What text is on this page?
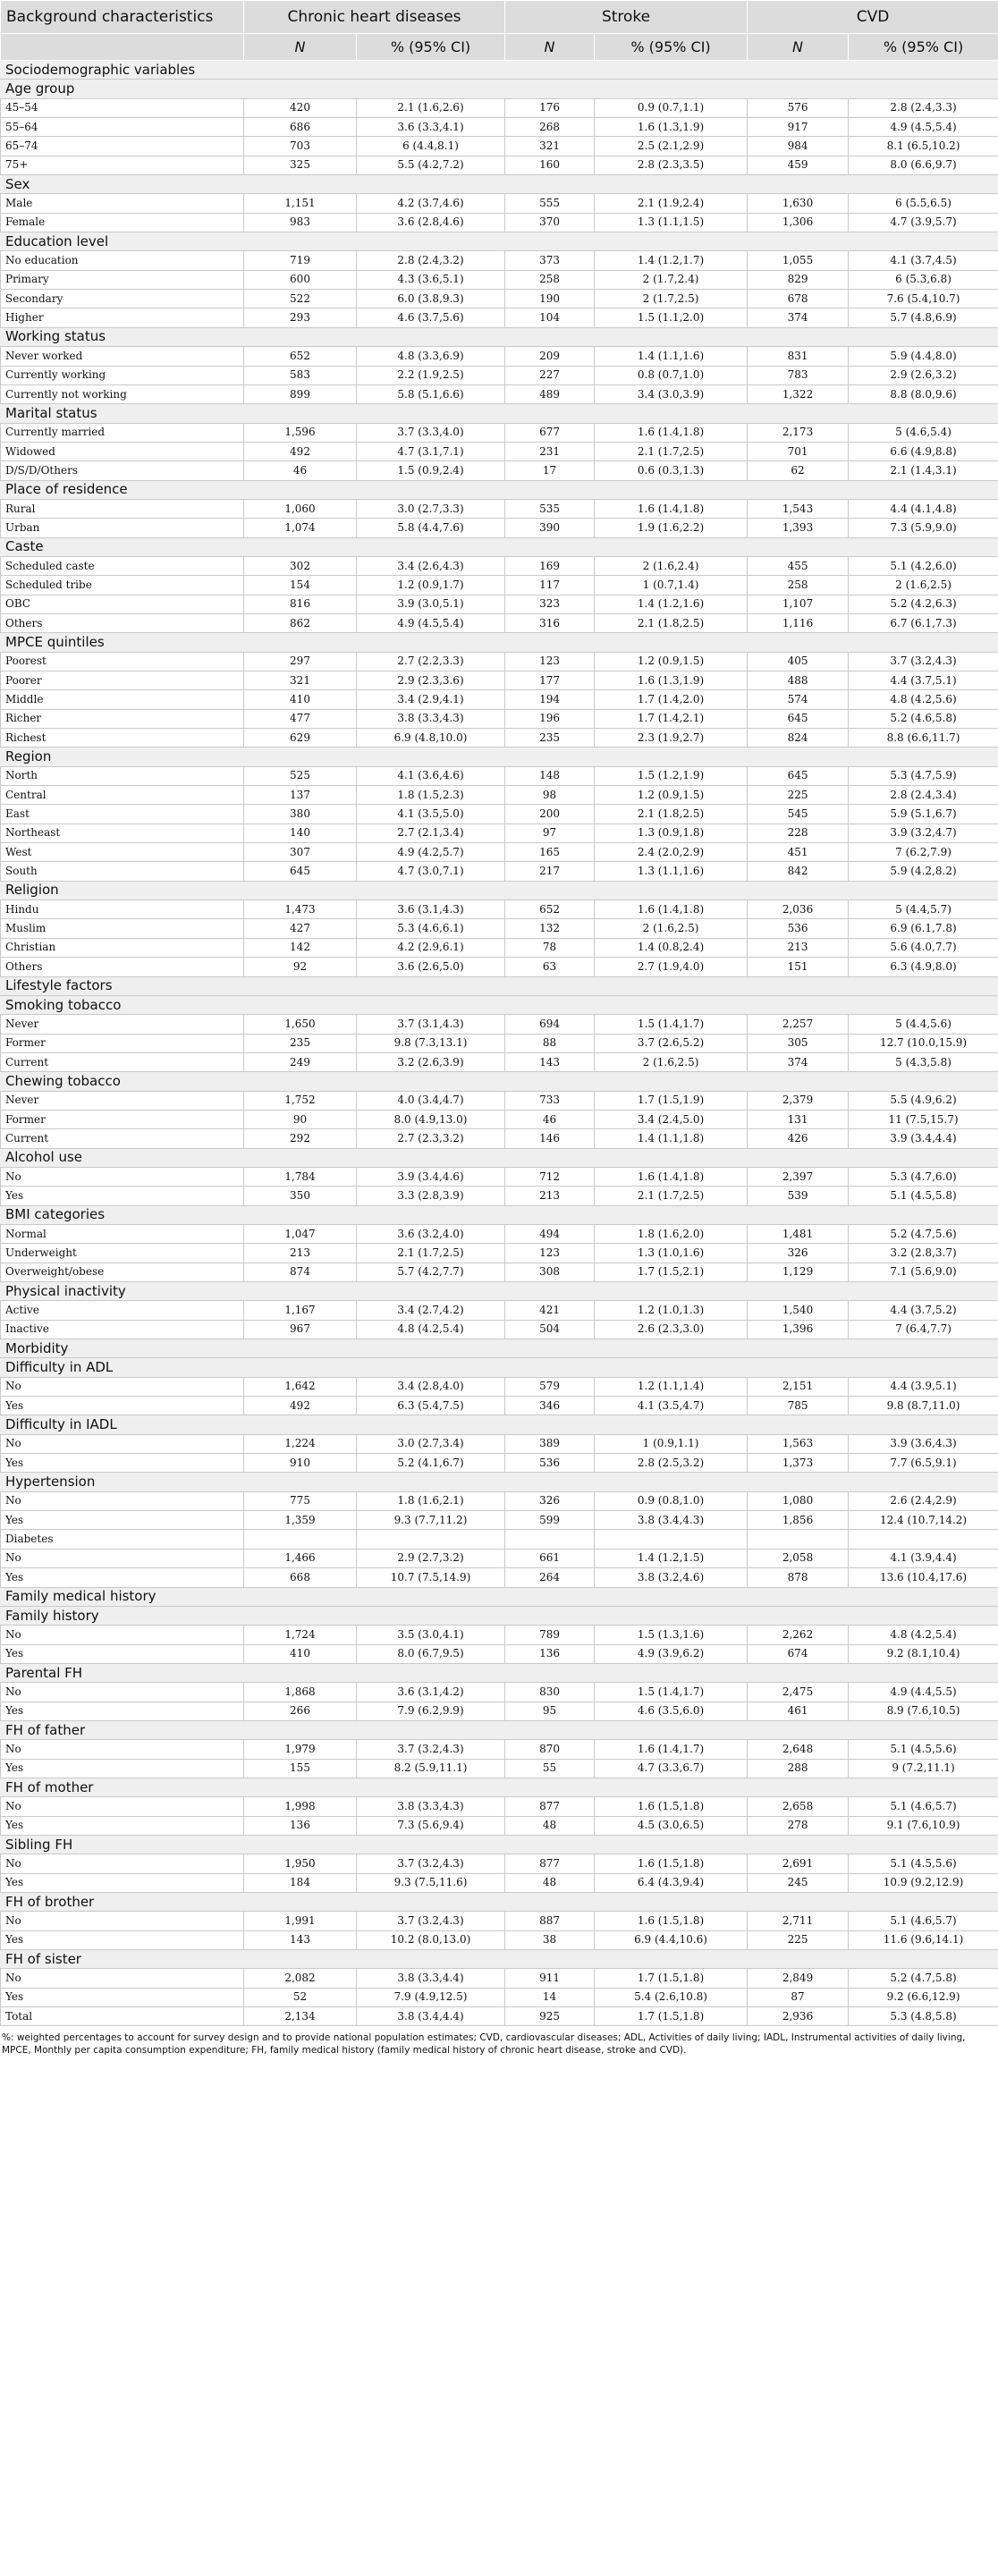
Background characteristics	Chronic heart diseases		Stroke		CVD	
	N	% (95% CI)	N	% (95% CI)	N	% (95% CI)
Sociodemographic variables						
Age group						
45–54	420	2.1 (1.6,2.6)	176	0.9 (0.7,1.1)	576	2.8 (2.4,3.3)
55–64	686	3.6 (3.3,4.1)	268	1.6 (1.3,1.9)	917	4.9 (4.5,5.4)
65–74	703	6 (4.4,8.1)	321	2.5 (2.1,2.9)	984	8.1 (6.5,10.2)
75+	325	5.5 (4.2,7.2)	160	2.8 (2.3,3.5)	459	8.0 (6.6,9.7)
Sex						
Male	1,151	4.2 (3.7,4.6)	555	2.1 (1.9,2.4)	1,630	6 (5.5,6.5)
Female	983	3.6 (2.8,4.6)	370	1.3 (1.1,1.5)	1,306	4.7 (3.9,5.7)
Education level						
No education	719	2.8 (2.4,3.2)	373	1.4 (1.2,1.7)	1,055	4.1 (3.7,4.5)
Primary	600	4.3 (3.6,5.1)	258	2 (1.7,2.4)	829	6 (5.3,6.8)
Secondary	522	6.0 (3.8,9.3)	190	2 (1.7,2.5)	678	7.6 (5.4,10.7)
Higher	293	4.6 (3.7,5.6)	104	1.5 (1.1,2.0)	374	5.7 (4.8,6.9)
Working status						
Never worked	652	4.8 (3.3,6.9)	209	1.4 (1.1,1.6)	831	5.9 (4.4,8.0)
Currently working	583	2.2 (1.9,2.5)	227	0.8 (0.7,1.0)	783	2.9 (2.6,3.2)
Currently not working	899	5.8 (5.1,6.6)	489	3.4 (3.0,3.9)	1,322	8.8 (8.0,9.6)
Marital status						
Currently married	1,596	3.7 (3.3,4.0)	677	1.6 (1.4,1.8)	2,173	5 (4.6,5.4)
Widowed	492	4.7 (3.1,7.1)	231	2.1 (1.7,2.5)	701	6.6 (4.9,8.8)
D/S/D/Others	46	1.5 (0.9,2.4)	17	0.6 (0.3,1.3)	62	2.1 (1.4,3.1)
Place of residence						
Rural	1,060	3.0 (2.7,3.3)	535	1.6 (1.4,1.8)	1,543	4.4 (4.1,4.8)
Urban	1,074	5.8 (4.4,7.6)	390	1.9 (1.6,2.2)	1,393	7.3 (5.9,9.0)
Caste						
Scheduled caste	302	3.4 (2.6,4.3)	169	2 (1.6,2.4)	455	5.1 (4.2,6.0)
Scheduled tribe	154	1.2 (0.9,1.7)	117	1 (0.7,1.4)	258	2 (1.6,2.5)
OBC	816	3.9 (3.0,5.1)	323	1.4 (1.2,1.6)	1,107	5.2 (4.2,6.3)
Others	862	4.9 (4.5,5.4)	316	2.1 (1.8,2.5)	1,116	6.7 (6.1,7.3)
MPCE quintiles						
Poorest	297	2.7 (2.2,3.3)	123	1.2 (0.9,1.5)	405	3.7 (3.2,4.3)
Poorer	321	2.9 (2.3,3.6)	177	1.6 (1.3,1.9)	488	4.4 (3.7,5.1)
Middle	410	3.4 (2.9,4.1)	194	1.7 (1.4,2.0)	574	4.8 (4.2,5.6)
Richer	477	3.8 (3.3,4.3)	196	1.7 (1.4,2.1)	645	5.2 (4.6,5.8)
Richest	629	6.9 (4.8,10.0)	235	2.3 (1.9,2.7)	824	8.8 (6.6,11.7)
Region						
North	525	4.1 (3.6,4.6)	148	1.5 (1.2,1.9)	645	5.3 (4.7,5.9)
Central	137	1.8 (1.5,2.3)	98	1.2 (0.9,1.5)	225	2.8 (2.4,3.4)
East	380	4.1 (3.5,5.0)	200	2.1 (1.8,2.5)	545	5.9 (5.1,6.7)
Northeast	140	2.7 (2.1,3.4)	97	1.3 (0.9,1.8)	228	3.9 (3.2,4.7)
West	307	4.9 (4.2,5.7)	165	2.4 (2.0,2.9)	451	7 (6.2,7.9)
South	645	4.7 (3.0,7.1)	217	1.3 (1.1,1.6)	842	5.9 (4.2,8.2)
Religion						
Hindu	1,473	3.6 (3.1,4.3)	652	1.6 (1.4,1.8)	2,036	5 (4.4,5.7)
Muslim	427	5.3 (4.6,6.1)	132	2 (1.6,2.5)	536	6.9 (6.1,7.8)
Christian	142	4.2 (2.9,6.1)	78	1.4 (0.8,2.4)	213	5.6 (4.0,7.7)
Others	92	3.6 (2.6,5.0)	63	2.7 (1.9,4.0)	151	6.3 (4.9,8.0)
Lifestyle factors						
Smoking tobacco						
Never	1,650	3.7 (3.1,4.3)	694	1.5 (1.4,1.7)	2,257	5 (4.4,5.6)
Former	235	9.8 (7.3,13.1)	88	3.7 (2.6,5.2)	305	12.7 (10.0,15.9)
Current	249	3.2 (2.6,3.9)	143	2 (1.6,2.5)	374	5 (4.3,5.8)
Chewing tobacco						
Never	1,752	4.0 (3.4,4.7)	733	1.7 (1.5,1.9)	2,379	5.5 (4.9,6.2)
Former	90	8.0 (4.9,13.0)	46	3.4 (2.4,5.0)	131	11 (7.5,15.7)
Current	292	2.7 (2.3,3.2)	146	1.4 (1.1,1.8)	426	3.9 (3.4,4.4)
Alcohol use						
No	1,784	3.9 (3.4,4.6)	712	1.6 (1.4,1.8)	2,397	5.3 (4.7,6.0)
Yes	350	3.3 (2.8,3.9)	213	2.1 (1.7,2.5)	539	5.1 (4.5,5.8)
BMI categories						
Normal	1,047	3.6 (3.2,4.0)	494	1.8 (1.6,2.0)	1,481	5.2 (4.7,5.6)
Underweight	213	2.1 (1.7,2.5)	123	1.3 (1.0,1.6)	326	3.2 (2.8,3.7)
Overweight/obese	874	5.7 (4.2,7.7)	308	1.7 (1.5,2.1)	1,129	7.1 (5.6,9.0)
Physical inactivity						
Active	1,167	3.4 (2.7,4.2)	421	1.2 (1.0,1.3)	1,540	4.4 (3.7,5.2)
Inactive	967	4.8 (4.2,5.4)	504	2.6 (2.3,3.0)	1,396	7 (6.4,7.7)
Morbidity						
Difficulty in ADL						
No	1,642	3.4 (2.8,4.0)	579	1.2 (1.1,1.4)	2,151	4.4 (3.9,5.1)
Yes	492	6.3 (5.4,7.5)	346	4.1 (3.5,4.7)	785	9.8 (8.7,11.0)
Difficulty in IADL						
No	1,224	3.0 (2.7,3.4)	389	1 (0.9,1.1)	1,563	3.9 (3.6,4.3)
Yes	910	5.2 (4.1,6.7)	536	2.8 (2.5,3.2)	1,373	7.7 (6.5,9.1)
Hypertension						
No	775	1.8 (1.6,2.1)	326	0.9 (0.8,1.0)	1,080	2.6 (2.4,2.9)
Yes	1,359	9.3 (7.7,11.2)	599	3.8 (3.4,4.3)	1,856	12.4 (10.7,14.2)
Diabetes						
No	1,466	2.9 (2.7,3.2)	661	1.4 (1.2,1.5)	2,058	4.1 (3.9,4.4)
Yes	668	10.7 (7.5,14.9)	264	3.8 (3.2,4.6)	878	13.6 (10.4,17.6)
Family medical history						
Family history						
No	1,724	3.5 (3.0,4.1)	789	1.5 (1.3,1.6)	2,262	4.8 (4.2,5.4)
Yes	410	8.0 (6.7,9.5)	136	4.9 (3.9,6.2)	674	9.2 (8.1,10.4)
Parental FH						
No	1,868	3.6 (3.1,4.2)	830	1.5 (1.4,1.7)	2,475	4.9 (4.4,5.5)
Yes	266	7.9 (6.2,9.9)	95	4.6 (3.5,6.0)	461	8.9 (7.6,10.5)
FH of father						
No	1,979	3.7 (3.2,4.3)	870	1.6 (1.4,1.7)	2,648	5.1 (4.5,5.6)
Yes	155	8.2 (5.9,11.1)	55	4.7 (3.3,6.7)	288	9 (7.2,11.1)
FH of mother						
No	1,998	3.8 (3.3,4.3)	877	1.6 (1.5,1.8)	2,658	5.1 (4.6,5.7)
Yes	136	7.3 (5.6,9.4)	48	4.5 (3.0,6.5)	278	9.1 (7.6,10.9)
Sibling FH						
No	1,950	3.7 (3.2,4.3)	877	1.6 (1.5,1.8)	2,691	5.1 (4.5,5.6)
Yes	184	9.3 (7.5,11.6)	48	6.4 (4.3,9.4)	245	10.9 (9.2,12.9)
FH of brother						
No	1,991	3.7 (3.2,4.3)	887	1.6 (1.5,1.8)	2,711	5.1 (4.6,5.7)
Yes	143	10.2 (8.0,13.0)	38	6.9 (4.4,10.6)	225	11.6 (9.6,14.1)
FH of sister						
No	2,082	3.8 (3.3,4.4)	911	1.7 (1.5,1.8)	2,849	5.2 (4.7,5.8)
Yes	52	7.9 (4.9,12.5)	14	5.4 (2.6,10.8)	87	9.2 (6.6,12.9)
Total	2,134	3.8 (3.4,4.4)	925	1.7 (1.5,1.8)	2,936	5.3 (4.8,5.8)
%: weighted percentages to account for survey design and to provide national population estimates; CVD, cardiovascular diseases; ADL, Activities of daily living; IADL, Instrumental activities of daily living, MPCE, Monthly per capita consumption expenditure; FH, family medical history (family medical history of chronic heart disease, stroke and CVD).
